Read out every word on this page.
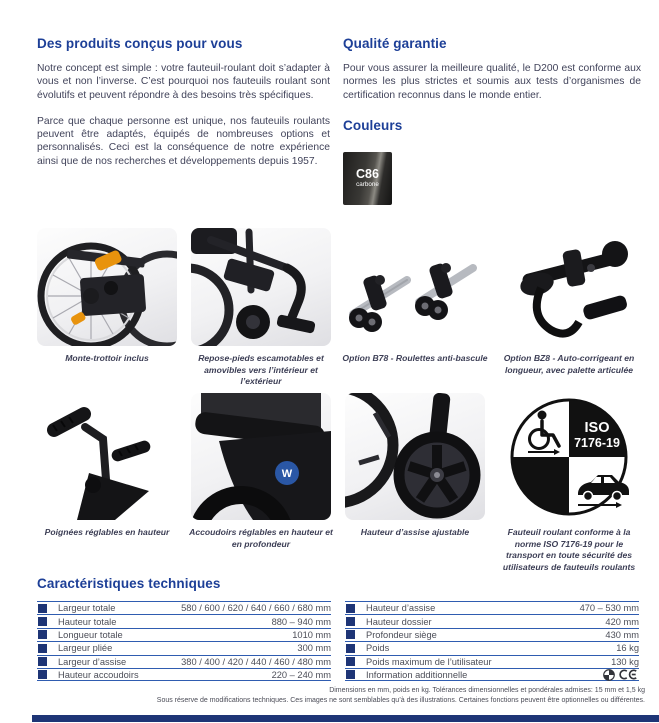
Des produits conçus pour vous

Notre concept est simple : votre fauteuil-roulant doit s’adapter à vous et non l’inverse. C’est pourquoi nos fauteuils roulant sont évolutifs et peuvent répondre à des besoins très spécifiques.

Parce que chaque personne est unique, nos fauteuils roulants peuvent être adaptés, équipés de nombreuses options et personnalisés. Ceci est la conséquence de notre expérience ainsi que de nos recherches et développements depuis 1957.

Qualité garantie

Pour vous assurer la meilleure qualité, le D200 est conforme aux normes les plus strictes et soumis aux tests d’organismes de certification reconnus dans le monde entier.

Couleurs
C86
carbone
Monte-trottoir inclus	Repose-pieds escamotables et amovibles vers l’intérieur et l’extérieur
Option B78 - Roulettes anti-bascule	Option BZ8 - Auto-corrigeant en longueur, avec palette articulée
Poignées réglables en hauteur
W
Accoudoirs réglables en hauteur et en profondeur
Hauteur d’assise ajustable
ISO
7176-19
Fauteuil roulant conforme à la norme ISO 7176-19 pour le transport en toute sécurité des utilisateurs de fauteuils roulants
Caractéristiques techniques
Largeur totale	580 / 600 / 620 / 640 / 660 / 680 mm
Hauteur totale	880 – 940 mm
Longueur totale	1010 mm
Largeur pliée	300 mm
Largeur d’assise	380 / 400 / 420 / 440 / 460 / 480 mm
Hauteur accoudoirs	220 – 240 mm
Hauteur d’assise	470 – 530 mm
Hauteur dossier	420 mm
Profondeur siège	430 mm
Poids	16 kg
Poids maximum de l’utilisateur	130 kg
Information additionnelle
Dimensions en mm, poids en kg. Tolérances dimensionnelles et pondérales admises: 15 mm et 1,5 kg
Sous réserve de modifications techniques. Ces images ne sont semblables qu’à des illustrations. Certaines fonctions peuvent être optionnelles ou différentes.
